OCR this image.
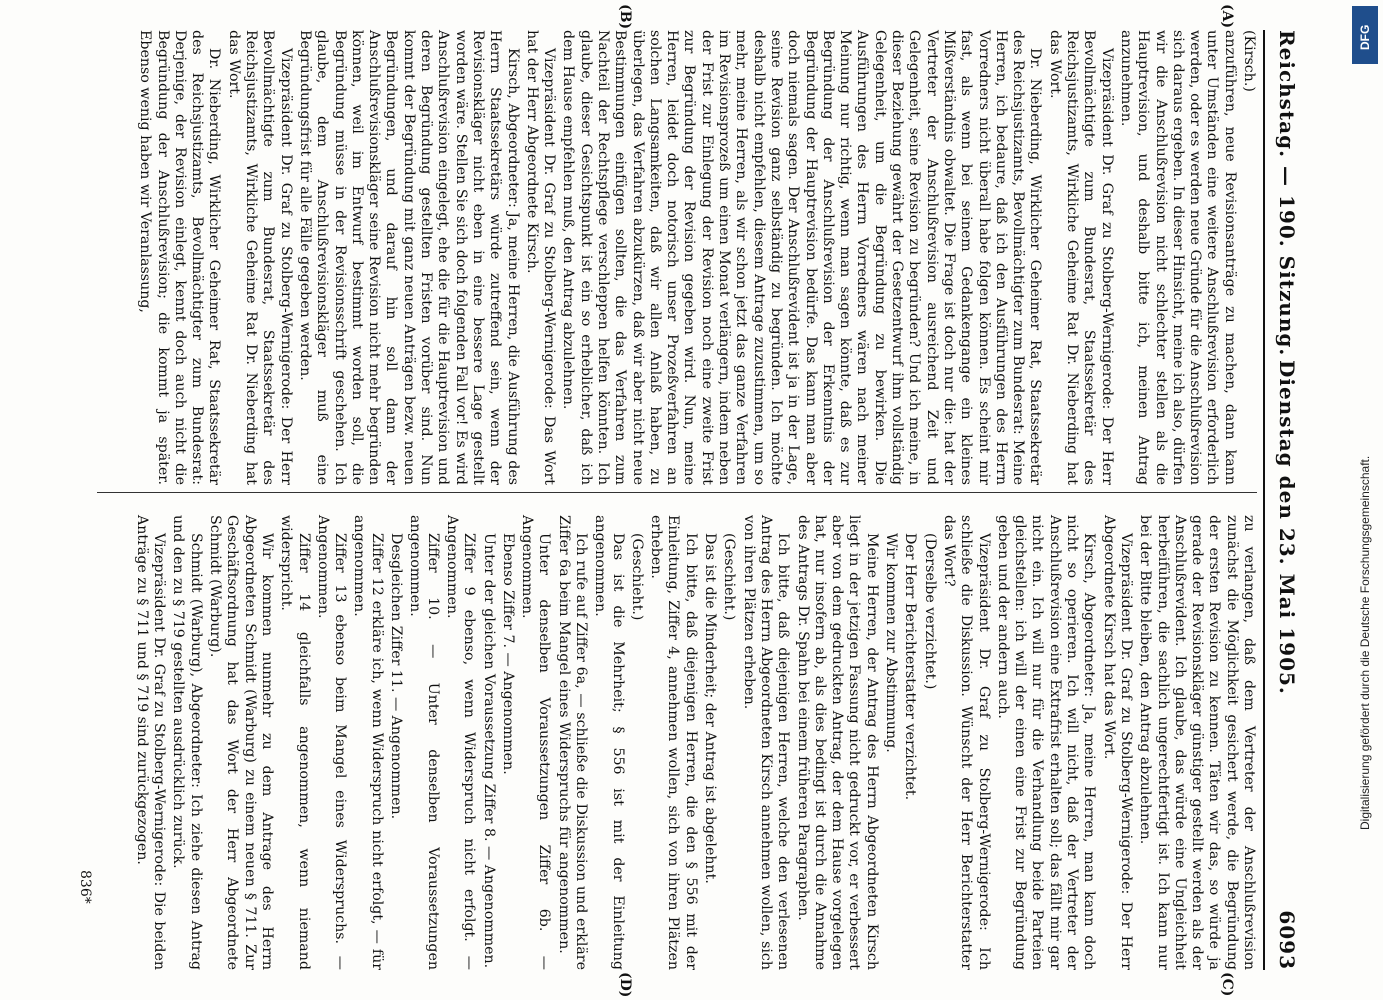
Reichstag. — 190. Sitzung.
Dienstag den 23. Mai 1905.
6093
(A)
(B)
(C)
(D)

(Kirsch.)

anzuführen, neue Revisionsanträge zu machen, dann kann unter Umständen eine weitere Anschlußrevision erforderlich werden, oder es werden neue Gründe für die Anschlußrevision sich daraus ergeben. In dieser Hinsicht, meine ich also, dürfen wir die Anschlußrevision nicht schlechter stellen als die Hauptrevision, und deshalb bitte ich, meinen Antrag anzunehmen.

Vizepräsident Dr. Graf zu Stolberg-Wernigerode: Der Herr Bevollmächtigte zum Bundesrat, Staatssekretär des Reichsjustizamts, Wirkliche Geheime Rat Dr. Nieberding hat das Wort.

Dr. Nieberding, Wirklicher Geheimer Rat, Staatssekretär des Reichsjustizamts, Bevollmächtigter zum Bundesrat: Meine Herren, ich bedaure, daß ich den Ausführungen des Herrn Vorredners nicht überall habe folgen können. Es scheint mir fast, als wenn bei seinem Gedankengange ein kleines Mißverständnis obwaltet. Die Frage ist doch nur die: hat der Vertreter der Anschlußrevision ausreichend Zeit und Gelegenheit, seine Revision zu begründen? Und ich meine, in dieser Beziehung gewährt der Gesetzentwurf ihm vollständig Gelegenheit, um die Begründung zu bewirken. Die Ausführungen des Herrn Vorredners wären nach meiner Meinung nur richtig, wenn man sagen könnte, daß es zur Begründung der Anschlußrevision der Erkenntnis der Begründung der Hauptrevision bedürfe. Das kann man aber doch niemals sagen. Der Anschlußrevident ist ja in der Lage, seine Revision ganz selbständig zu begründen. Ich möchte deshalb nicht empfehlen, diesem Antrage zuzustimmen, um so mehr, meine Herren, als wir schon jetzt das ganze Verfahren im Revisionsprozeß um einen Monat verlängern, indem neben der Frist zur Einlegung der Revision noch eine zweite Frist zur Begründung der Revision gegeben wird. Nun, meine Herren, leidet doch notorisch unser Prozeßverfahren an solchen Langsamkeiten, daß wir allen Anlaß haben, zu überlegen, das Verfahren abzukürzen, daß wir aber nicht neue Bestimmungen einfügen sollten, die das Verfahren zum Nachteil der Rechtspflege verschleppen helfen könnten. Ich glaube, dieser Gesichtspunkt ist ein so erheblicher, daß ich dem Hause empfehlen muß, den Antrag abzulehnen.

Vizepräsident Dr. Graf zu Stolberg-Wernigerode: Das Wort hat der Herr Abgeordnete Kirsch.

Kirsch, Abgeordneter: Ja, meine Herren, die Ausführung des Herrn Staatssekretärs würde zutreffend sein, wenn der Revisionskläger nicht eben in eine bessere Lage gestellt worden wäre. Stellen Sie sich doch folgenden Fall vor! Es wird Anschlußrevision eingelegt, ehe die für die Hauptrevision und deren Begründung gestellten Fristen vorüber sind. Nun kommt der Begründung mit ganz neuen Anträgen bezw. neuen Begründungen, und darauf hin soll dann der Anschlußrevisionskläger seine Revision nicht mehr begründen können, weil im Entwurf bestimmt worden soll, die Begründung müsse in der Revisionsschrift geschehen. Ich glaube, dem Anschlußrevisionskläger muß eine Begründungsfrist für alle Fälle gegeben werden.

Vizepräsident Dr. Graf zu Stolberg-Wernigerode: Der Herr Bevollmächtigte zum Bundesrat, Staatssekretär des Reichsjustizamts, Wirkliche Geheime Rat Dr. Nieberding hat das Wort.

Dr. Nieberding, Wirklicher Geheimer Rat, Staatssekretär des Reichsjustizamts, Bevollmächtigter zum Bundesrat: Derjenige, der Revision einlegt, kennt doch auch nicht die Begründung der Anschlußrevision; die kommt ja später. Ebenso wenig haben wir Veranlassung,

zu verlangen, daß dem Vertreter der Anschlußrevision zunächst die Möglichkeit gesichert werde, die Begründung der ersten Revision zu kennen. Täten wir das, so würde ja gerade der Revisionskläger günstiger gestellt werden als der Anschlußrevident. Ich glaube, das würde eine Ungleichheit herbeiführen, die sachlich ungerechtfertigt ist. Ich kann nur bei der Bitte bleiben, den Antrag abzulehnen.

Vizepräsident Dr. Graf zu Stolberg-Wernigerode: Der Herr Abgeordnete Kirsch hat das Wort.

Kirsch, Abgeordneter: Ja, meine Herren, man kann doch nicht so operieren. Ich will nicht, daß der Vertreter der Anschlußrevision eine Extrafrist erhalten soll; das fällt mir gar nicht ein. Ich will nur für die Verhandlung beide Parteien gleichstellen: ich will der einen eine Frist zur Begründung geben und der andern auch.

Vizepräsident Dr. Graf zu Stolberg-Wernigerode: Ich schließe die Diskussion. Wünscht der Herr Berichterstatter das Wort?

(Derselbe verzichtet.)

Der Herr Berichterstatter verzichtet.

Wir kommen zur Abstimmung.

Meine Herren, der Antrag des Herrn Abgeordneten Kirsch liegt in der jetzigen Fassung nicht gedruckt vor, er verbessert aber von dem gedruckten Antrag, der dem Hause vorgelegen hat, nur insofern ab, als dies bedingt ist durch die Annahme des Antrags Dr. Spahn bei einem früheren Paragraphen.

Ich bitte, daß diejenigen Herren, welche den verlesenen Antrag des Herrn Abgeordneten Kirsch annehmen wollen, sich von ihren Plätzen erheben.

(Geschieht.)

Das ist die Minderheit; der Antrag ist abgelehnt.

Ich bitte, daß diejenigen Herren, die den § 556 mit der Einleitung, Ziffer 4, annehmen wollen, sich von ihren Plätzen erheben.

(Geschieht.)

Das ist die Mehrheit; § 556 ist mit der Einleitung angenommen.

Ich rufe auf Ziffer 6a, — schließe die Diskussion und erkläre Ziffer 6a beim Mangel eines Widerspruchs für angenommen.

Unter denselben Voraussetzungen Ziffer 6b. — Angenommen.

Ebenso Ziffer 7. — Angenommen.

Unter der gleichen Voraussetzung Ziffer 8. — Angenommen.

Ziffer 9 ebenso, wenn Widerspruch nicht erfolgt. — Angenommen.

Ziffer 10. — Unter denselben Voraussetzungen angenommen.

Desgleichen Ziffer 11. — Angenommen.

Ziffer 12 erkläre ich, wenn Widerspruch nicht erfolgt, — für angenommen.

Ziffer 13 ebenso beim Mangel eines Widerspruchs. — Angenommen.

Ziffer 14 gleichfalls angenommen, wenn niemand widerspricht.

Wir kommen nunmehr zu dem Antrage des Herrn Abgeordneten Schmidt (Warburg) zu einem neuen § 711. Zur Geschäftsordnung hat das Wort der Herr Abgeordnete Schmidt (Warburg).

Schmidt (Warburg), Abgeordneter: Ich ziehe diesen Antrag und den zu § 719 gestellten ausdrücklich zurück.

Vizepräsident Dr. Graf zu Stolberg-Wernigerode: Die beiden Anträge zu § 711 und § 719 sind zurückgezogen.

836*
DFG
Digitalisierung gefördert durch die Deutsche Forschungsgemeinschaft.
